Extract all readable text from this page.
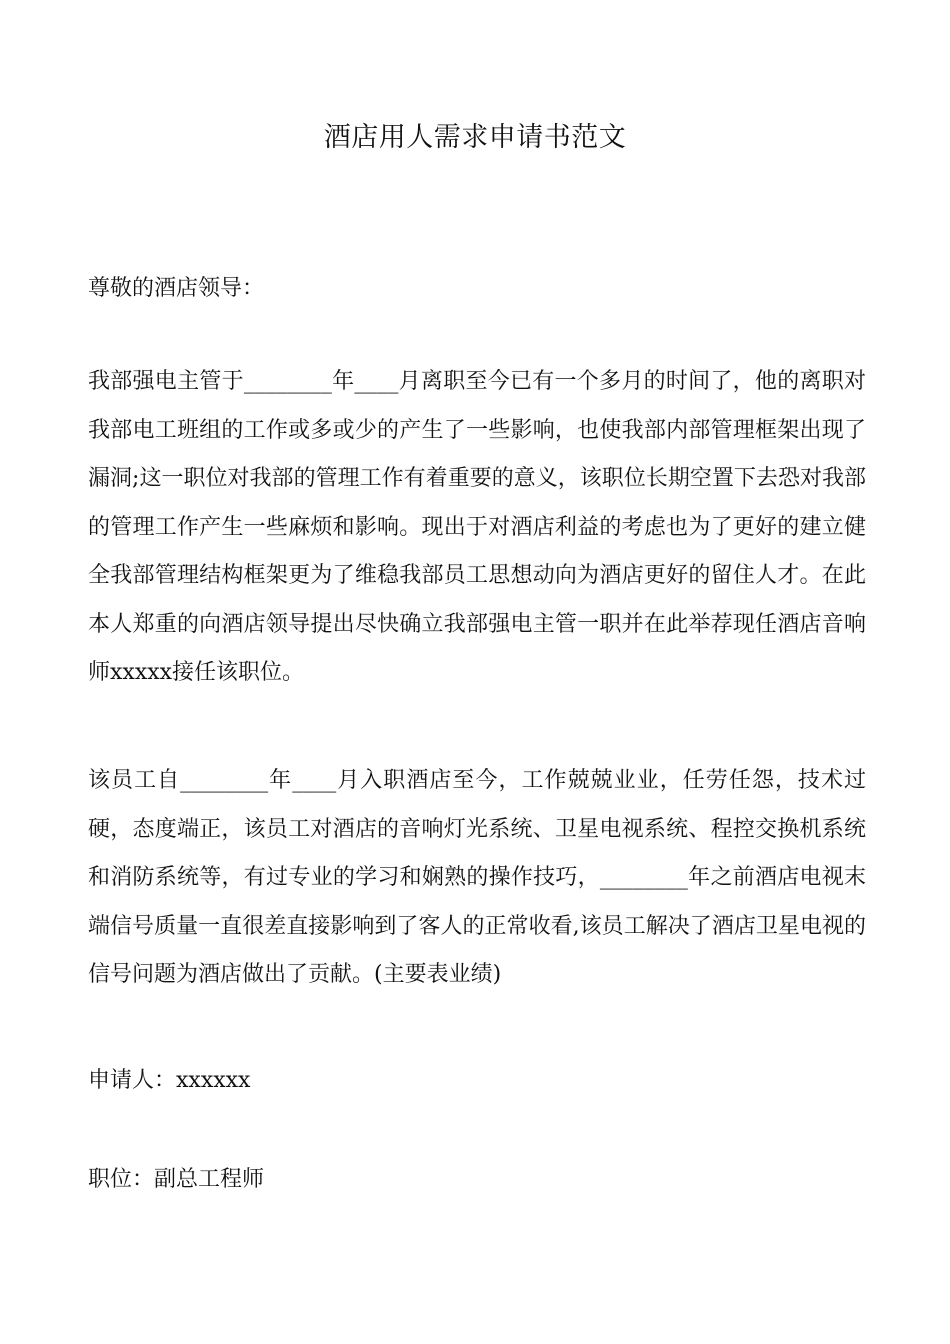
酒店用人需求申请书范文

尊敬的酒店领导：

我部强电主管于________年____月离职至今已有一个多月的时间了，他的离职对我部电工班组的工作或多或少的产生了一些影响，也使我部内部管理框架出现了漏洞;这一职位对我部的管理工作有着重要的意义，该职位长期空置下去恐对我部的管理工作产生一些麻烦和影响。现出于对酒店利益的考虑也为了更好的建立健全我部管理结构框架更为了维稳我部员工思想动向为酒店更好的留住人才。在此本人郑重的向酒店领导提出尽快确立我部强电主管一职并在此举荐现任酒店音响师xxxxx接任该职位。

该员工自________年____月入职酒店至今，工作兢兢业业，任劳任怨，技术过硬，态度端正，该员工对酒店的音响灯光系统、卫星电视系统、程控交换机系统和消防系统等，有过专业的学习和娴熟的操作技巧，________年之前酒店电视末端信号质量一直很差直接影响到了客人的正常收看,该员工解决了酒店卫星电视的信号问题为酒店做出了贡献。(主要表业绩)

申请人：xxxxxx

职位：副总工程师
